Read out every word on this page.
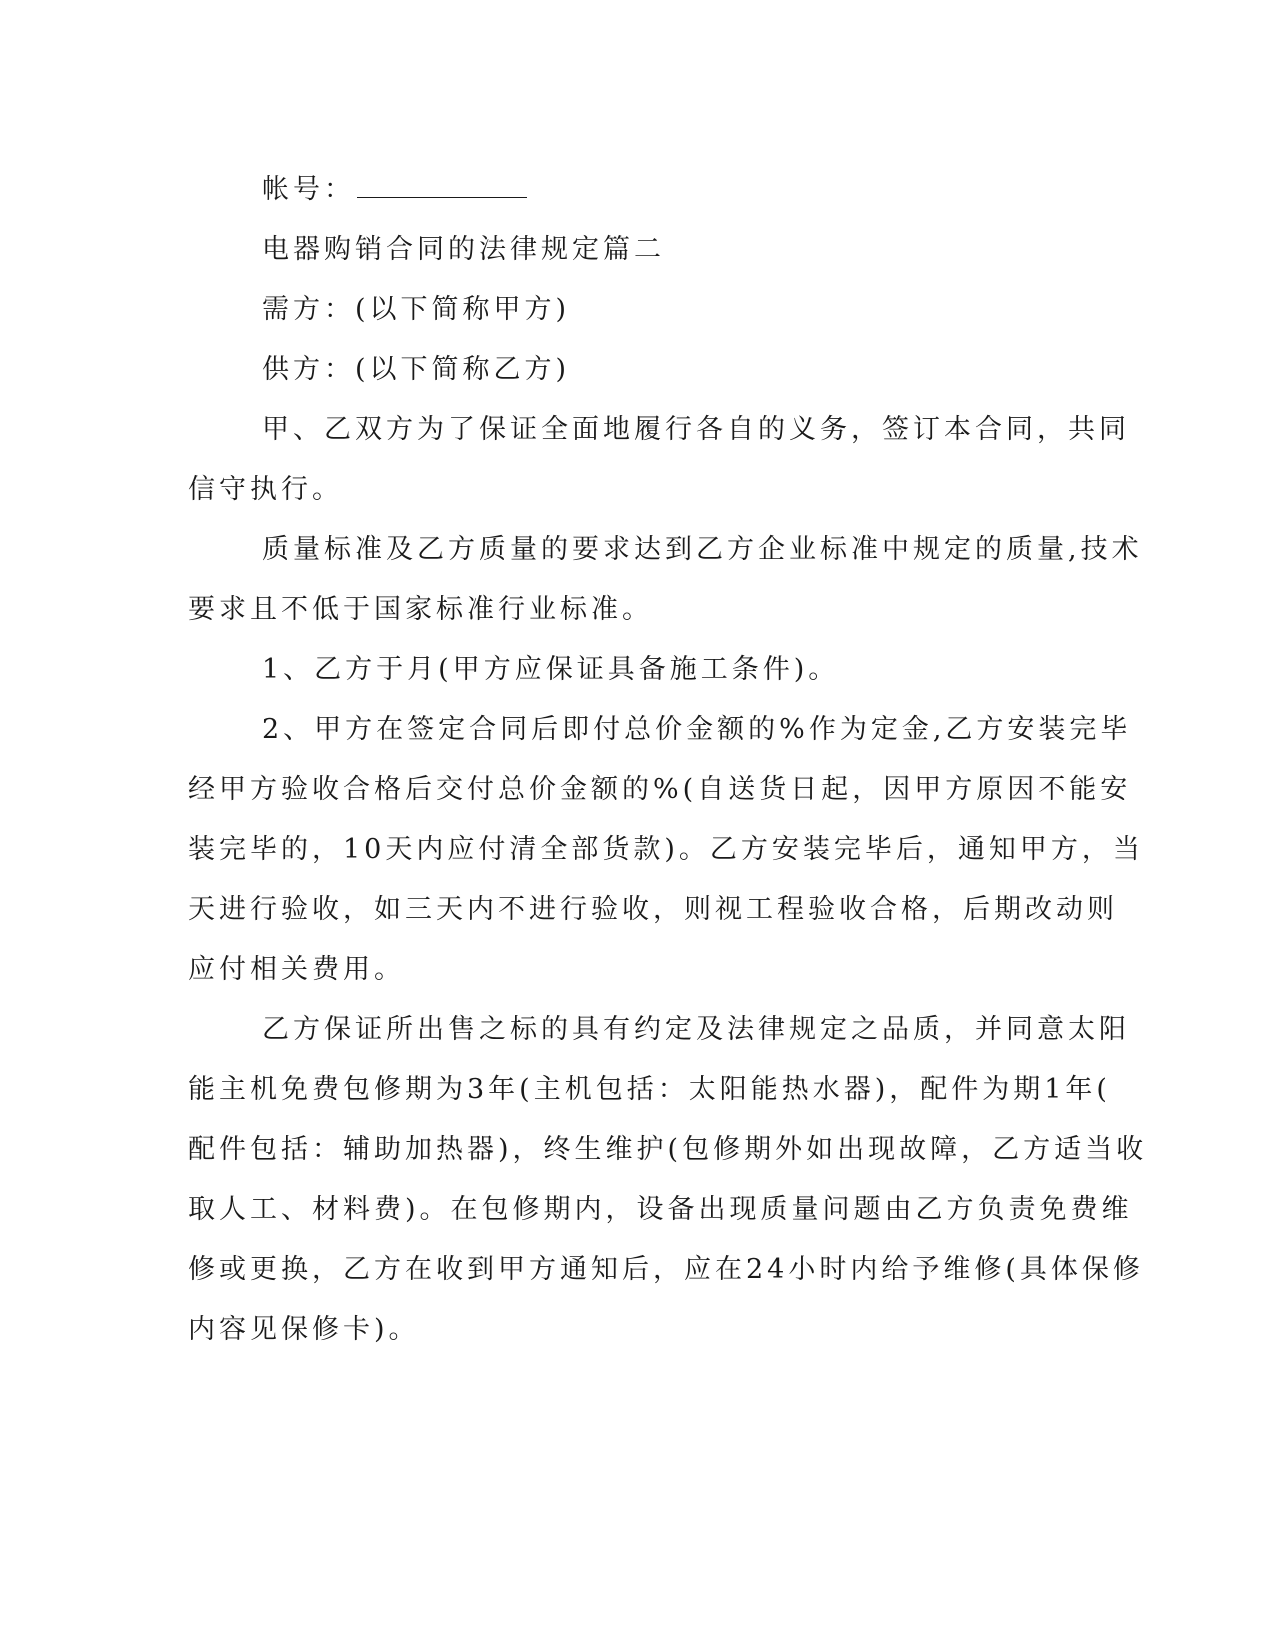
帐号：
电器购销合同的法律规定篇二
需方：(以下简称甲方)
供方：(以下简称乙方)
甲、乙双方为了保证全面地履行各自的义务，签订本合同，共同
信守执行。
质量标准及乙方质量的要求达到乙方企业标准中规定的质量,技术
要求且不低于国家标准行业标准。
1、乙方于月(甲方应保证具备施工条件)。
2、甲方在签定合同后即付总价金额的%作为定金,乙方安装完毕
经甲方验收合格后交付总价金额的%(自送货日起，因甲方原因不能安
装完毕的，10天内应付清全部货款)。乙方安装完毕后，通知甲方，当
天进行验收，如三天内不进行验收，则视工程验收合格，后期改动则
应付相关费用。
乙方保证所出售之标的具有约定及法律规定之品质，并同意太阳
能主机免费包修期为3年(主机包括：太阳能热水器)，配件为期1年(
配件包括：辅助加热器)，终生维护(包修期外如出现故障，乙方适当收
取人工、材料费)。在包修期内，设备出现质量问题由乙方负责免费维
修或更换，乙方在收到甲方通知后，应在24小时内给予维修(具体保修
内容见保修卡)。
